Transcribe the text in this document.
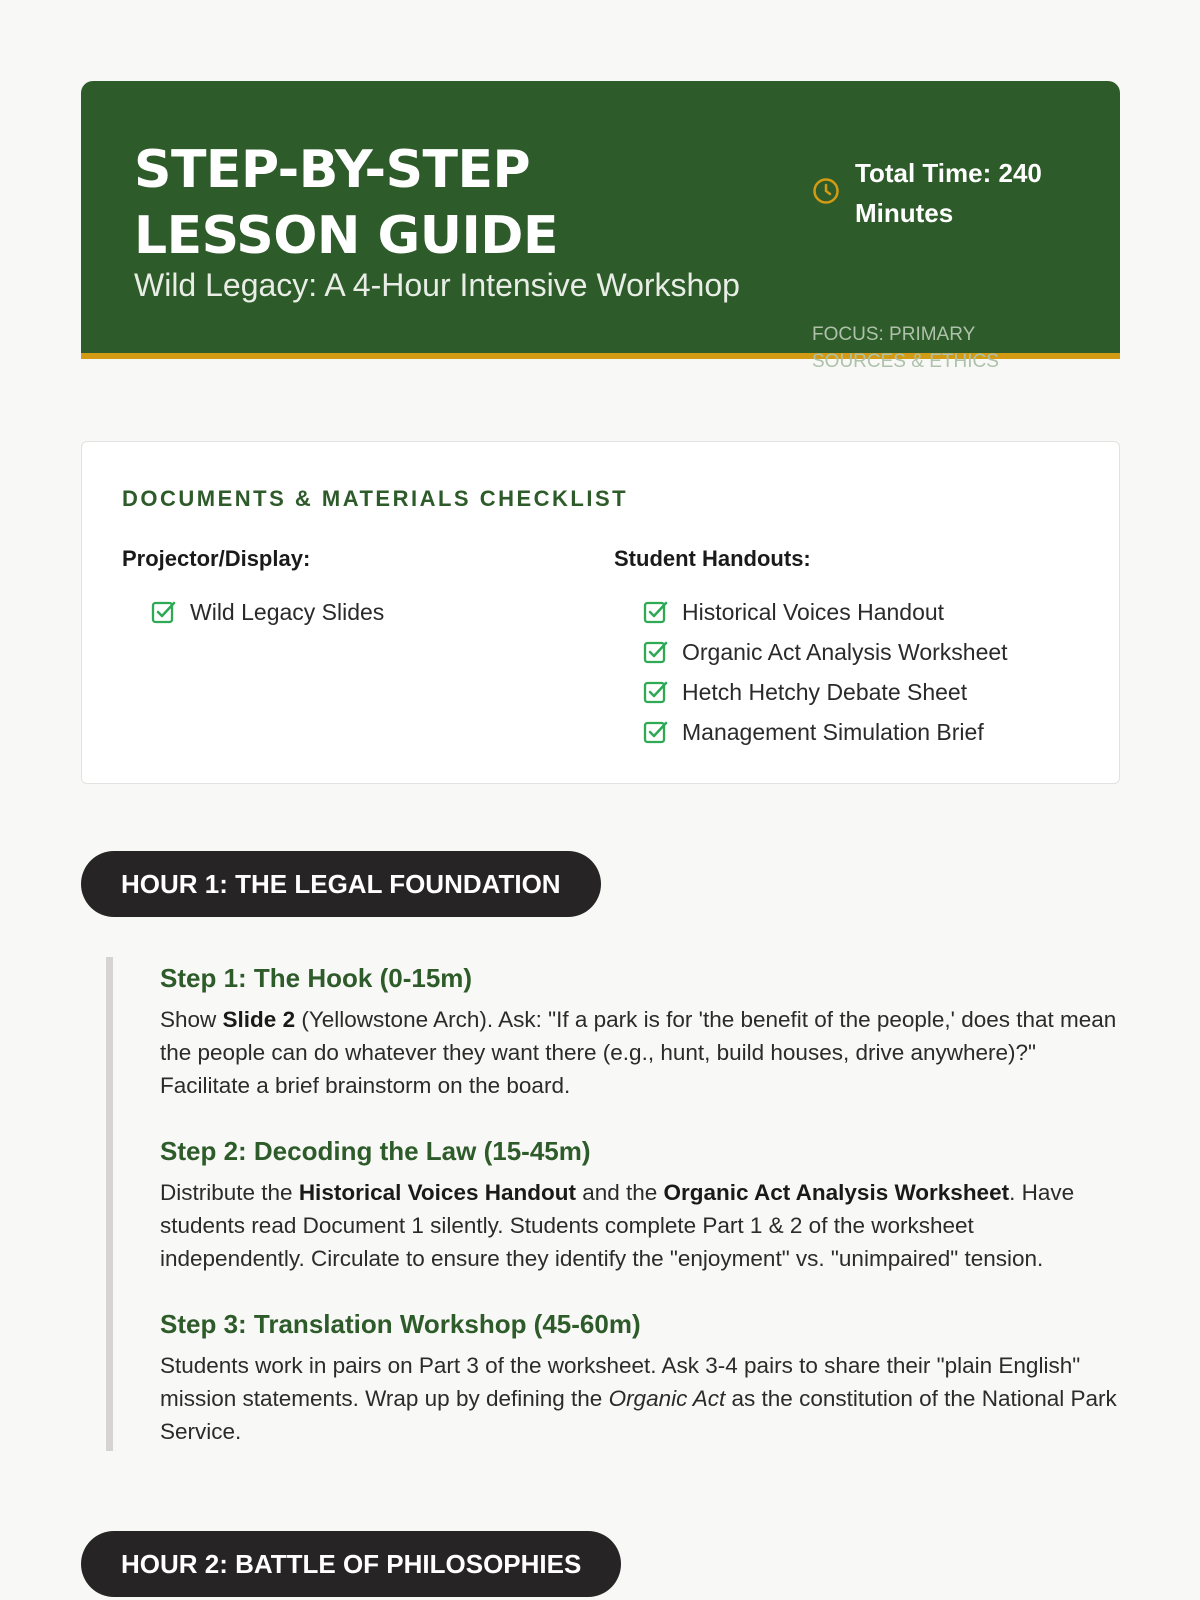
STEP-BY-STEP
LESSON GUIDE
Wild Legacy: A 4-Hour Intensive Workshop
Total Time: 240 Minutes
FOCUS: PRIMARY SOURCES & ETHICS
DOCUMENTS & MATERIALS CHECKLIST
Projector/Display:
Wild Legacy Slides
Student Handouts:
Historical Voices Handout
Organic Act Analysis Worksheet
Hetch Hetchy Debate Sheet
Management Simulation Brief
HOUR 1: THE LEGAL FOUNDATION
Step 1: The Hook (0-15m)
Show Slide 2 (Yellowstone Arch). Ask: "If a park is for 'the benefit of the people,' does that mean the people can do whatever they want there (e.g., hunt, build houses, drive anywhere)?" Facilitate a brief brainstorm on the board.
Step 2: Decoding the Law (15-45m)
Distribute the Historical Voices Handout and the Organic Act Analysis Worksheet. Have students read Document 1 silently. Students complete Part 1 & 2 of the worksheet independently. Circulate to ensure they identify the "enjoyment" vs. "unimpaired" tension.
Step 3: Translation Workshop (45-60m)
Students work in pairs on Part 3 of the worksheet. Ask 3-4 pairs to share their "plain English" mission statements. Wrap up by defining the Organic Act as the constitution of the National Park Service.
HOUR 2: BATTLE OF PHILOSOPHIES
